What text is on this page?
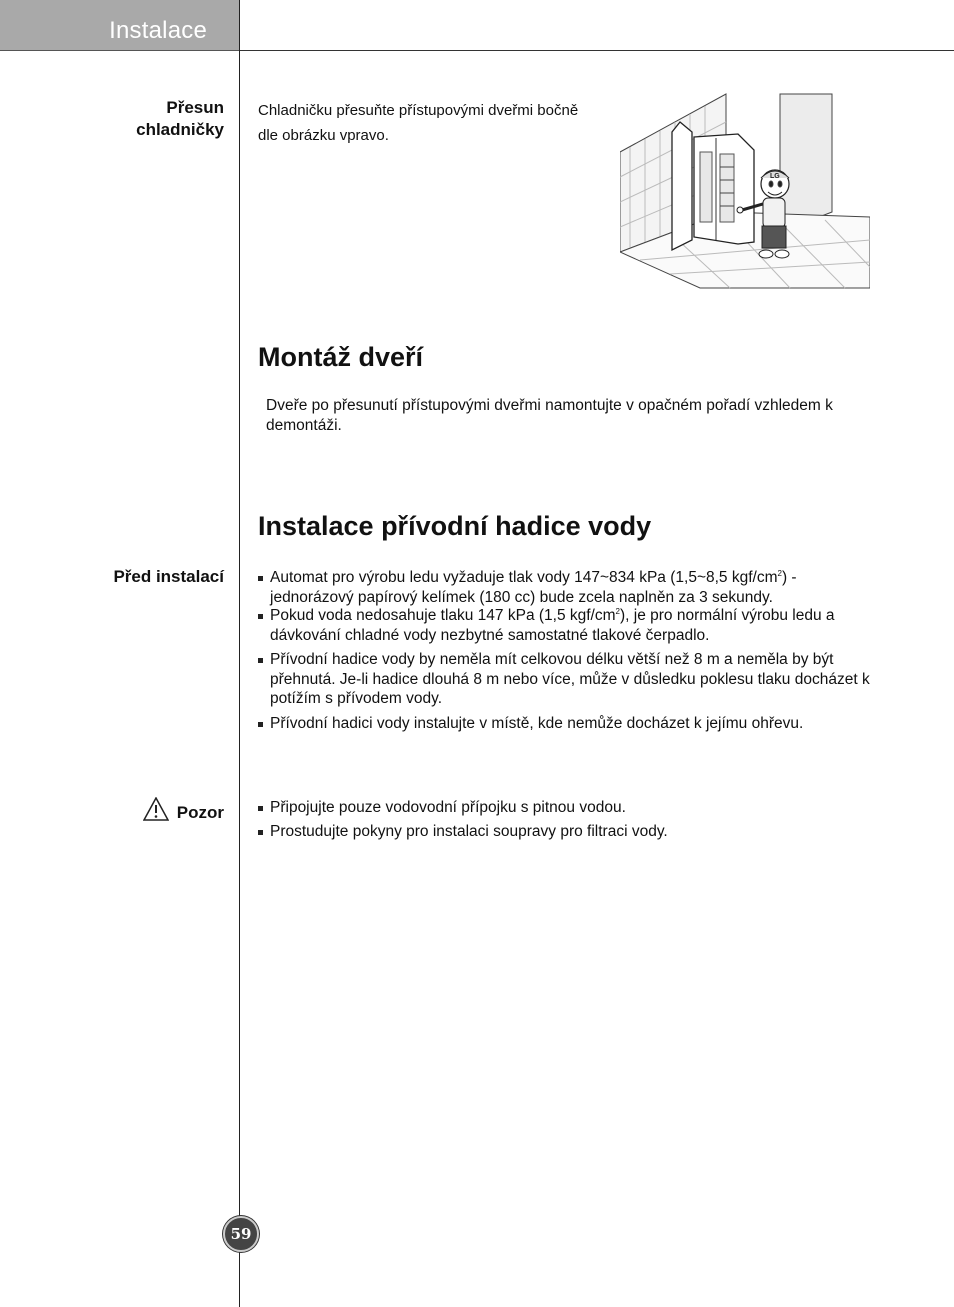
Instalace
Přesun
chladničky
Chladničku přesuňte přístupovými dveřmi bočně
dle obrázku vpravo.
LG
Montáž dveří
Dveře po přesunutí přístupovými dveřmi namontujte v opačném pořadí vzhledem k demontáži.
Instalace přívodní hadice vody
Před instalací	Automat pro výrobu ledu vyžaduje tlak vody 147~834 kPa (1,5~8,5 kgf/$cm^2$) -
jednorázový papírový kelímek (180 cc) bude zcela naplněn za 3 sekundy.
Pokud voda nedosahuje tlaku 147 kPa (1,5 kgf/$cm^2$), je pro normální výrobu ledu a dávkování chladné vody nezbytné samostatné tlakové čerpadlo.
Přívodní hadice vody by neměla mít celkovou délku větší než 8 m a neměla by být přehnutá. Je-li hadice dlouhá 8 m nebo více, může v důsledku poklesu tlaku docházet k potížím s přívodem vody.
Přívodní hadici vody instalujte v místě, kde nemůže docházet k jejímu ohřevu.
Pozor	Připojujte pouze vodovodní přípojku s pitnou vodou.
Prostudujte pokyny pro instalaci soupravy pro filtraci vody.
59
